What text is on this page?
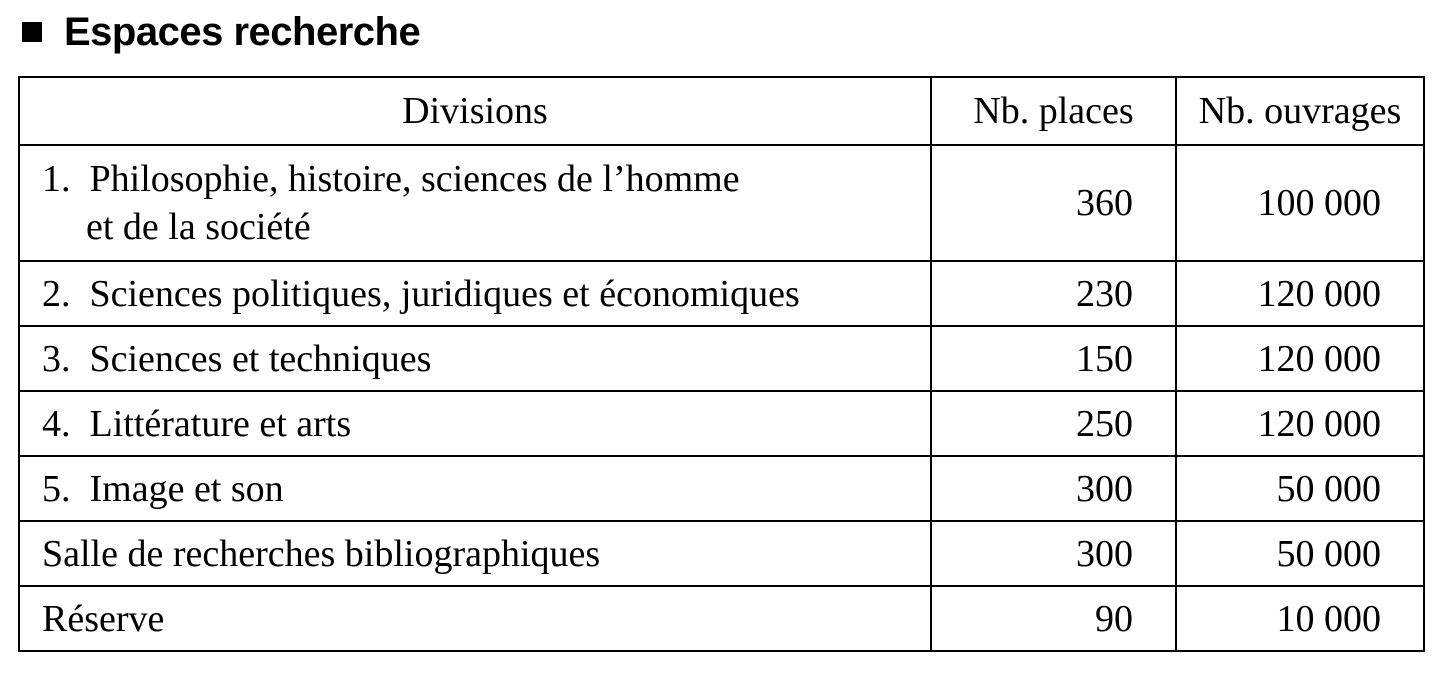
Espaces recherche
Divisions	Nb. places	Nb. ouvrages

1.  Philosophie, histoire, sciences de l’homme
et de la société	360	100 000
2.  Sciences politiques, juridiques et économiques	230	120 000
3.  Sciences et techniques	150	120 000
4.  Littérature et arts	250	120 000
5.  Image et son	300	50 000
Salle de recherches bibliographiques	300	50 000
Réserve	90	10 000
